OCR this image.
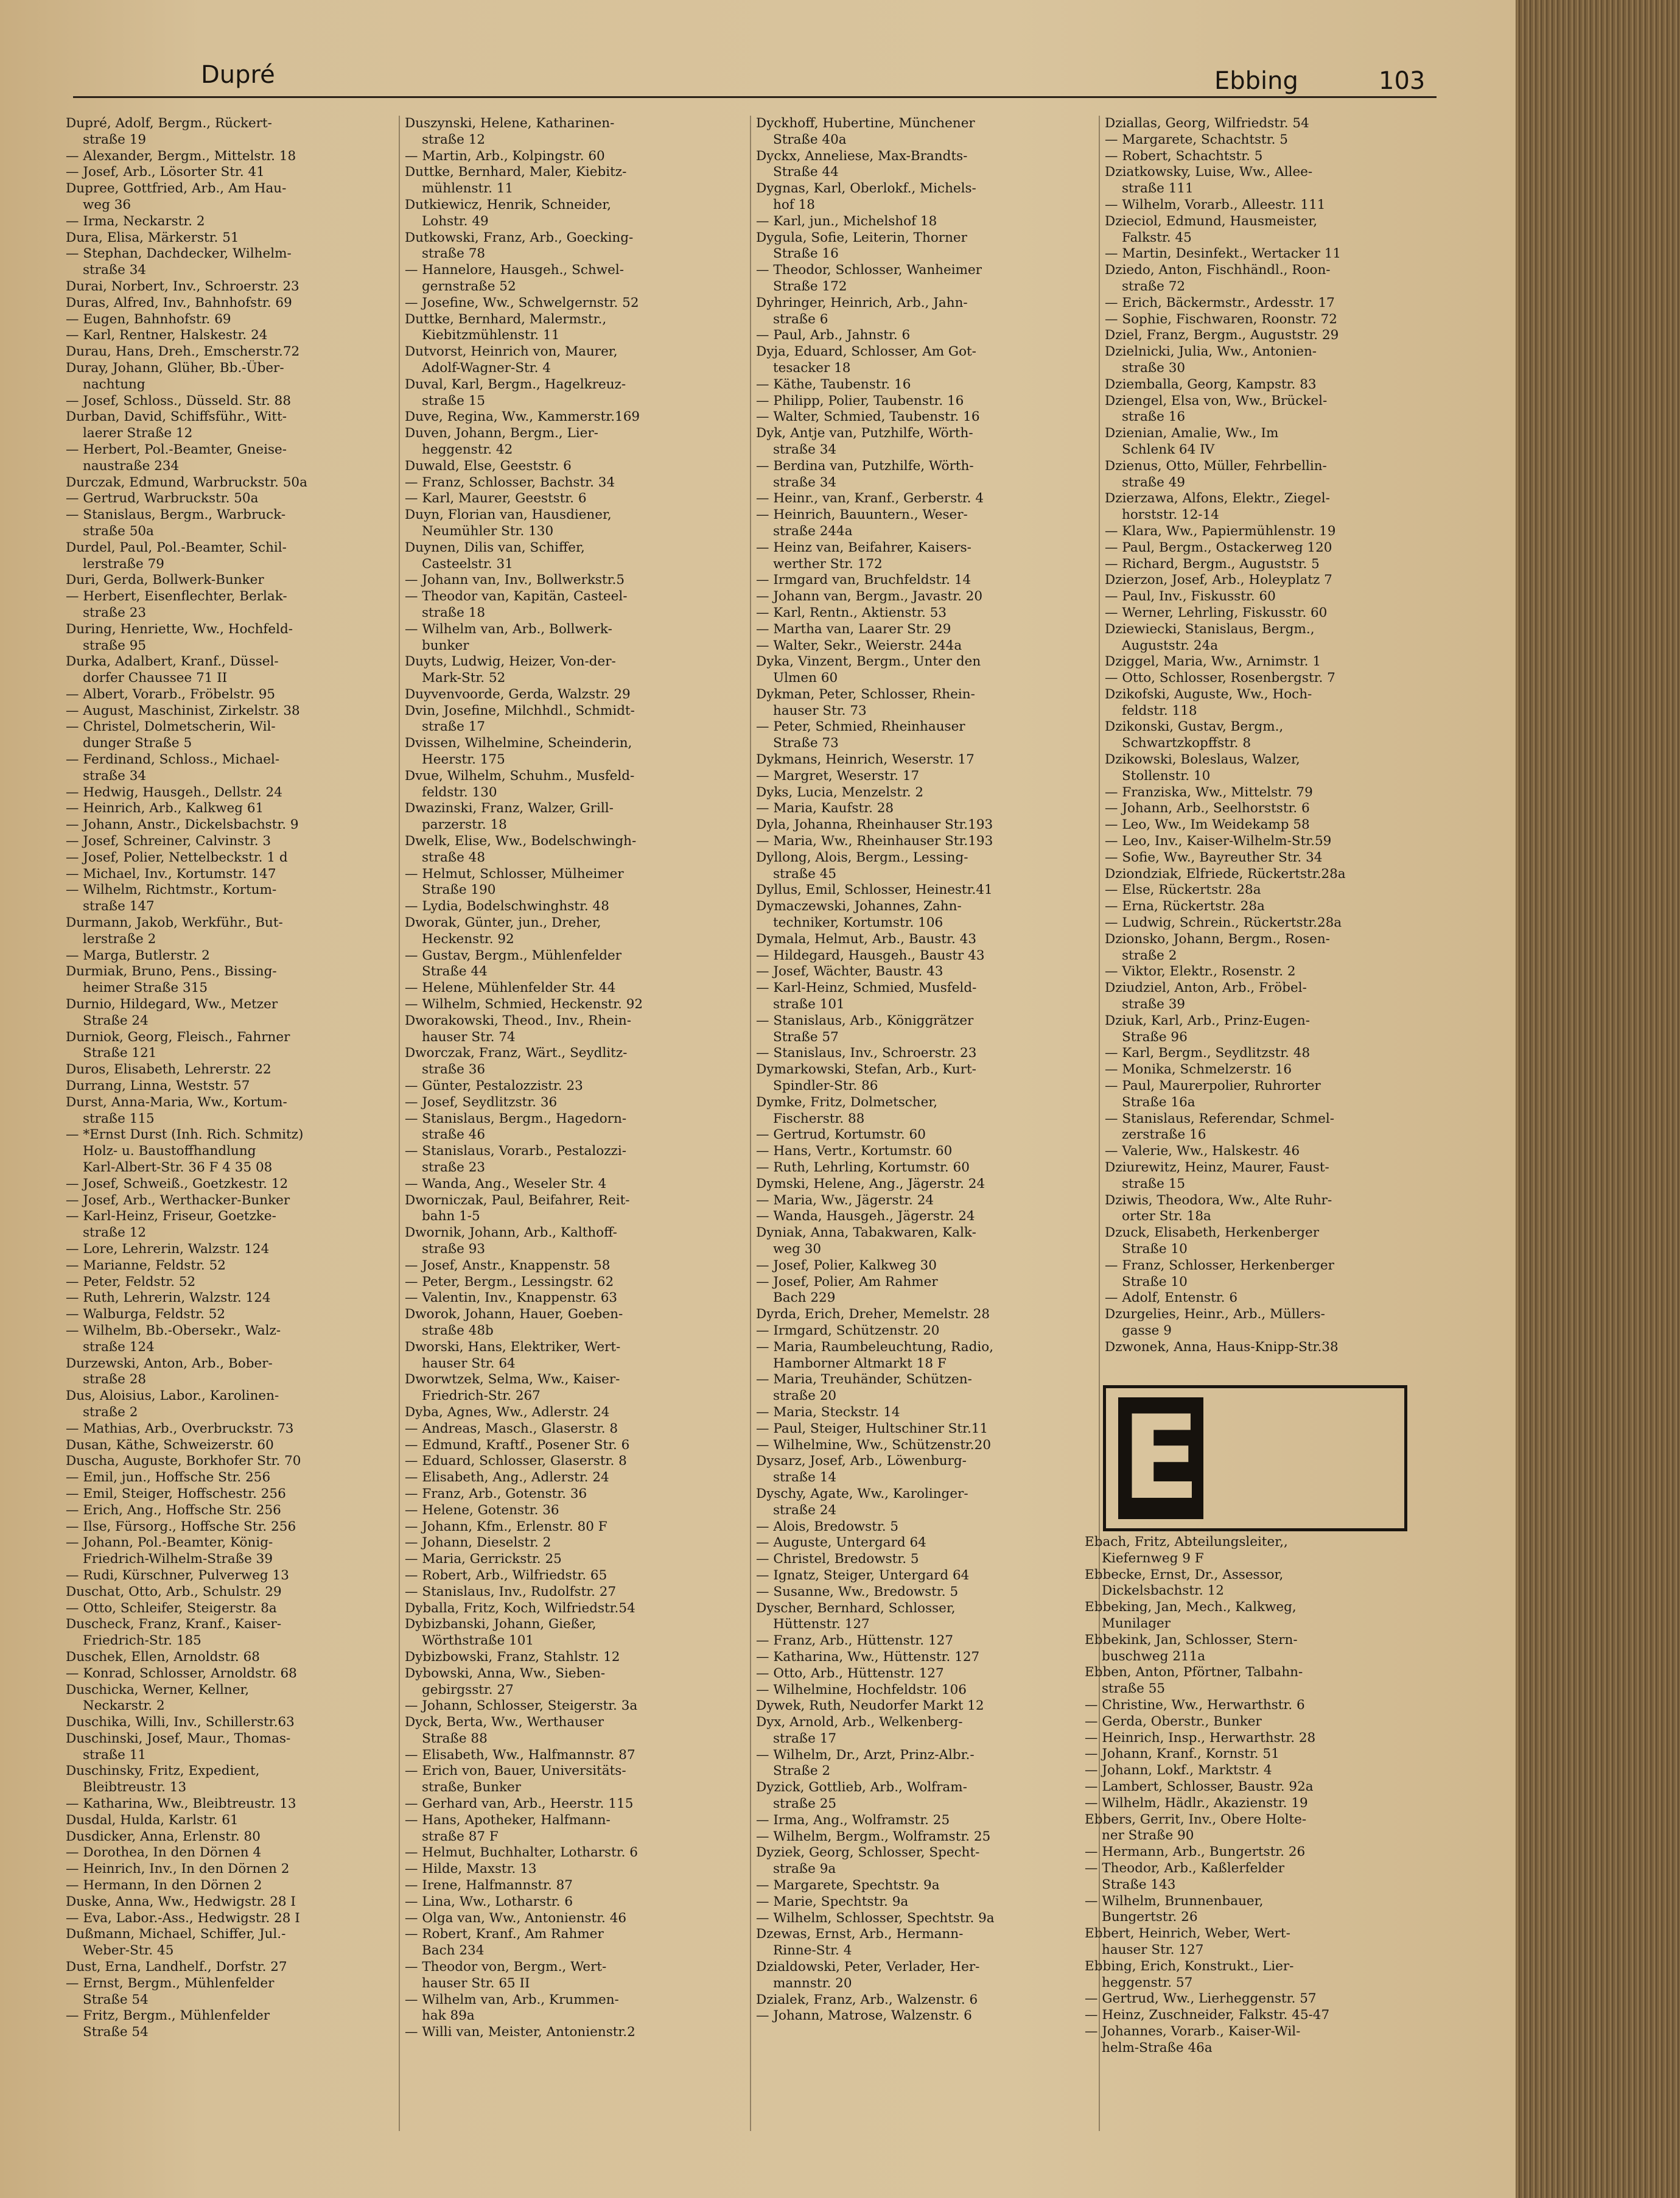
Dupré	Ebbing	103
Dupré, Adolf, Bergm., Rückert-
straße 19
— Alexander, Bergm., Mittelstr. 18
— Josef, Arb., Lösorter Str. 41
Dupree, Gottfried, Arb., Am Hau-
weg 36
— Irma, Neckarstr. 2
Dura, Elisa, Märkerstr. 51
— Stephan, Dachdecker, Wilhelm-
straße 34
Durai, Norbert, Inv., Schroerstr. 23
Duras, Alfred, Inv., Bahnhofstr. 69
— Eugen, Bahnhofstr. 69
— Karl, Rentner, Halskestr. 24
Durau, Hans, Dreh., Emscherstr.72
Duray, Johann, Glüher, Bb.-Über-
nachtung
— Josef, Schloss., Düsseld. Str. 88
Durban, David, Schiffsführ., Witt-
laerer Straße 12
— Herbert, Pol.-Beamter, Gneise-
naustraße 234
Durczak, Edmund, Warbruckstr. 50a
— Gertrud, Warbruckstr. 50a
— Stanislaus, Bergm., Warbruck-
straße 50a
Durdel, Paul, Pol.-Beamter, Schil-
lerstraße 79
Duri, Gerda, Bollwerk-Bunker
— Herbert, Eisenflechter, Berlak-
straße 23
During, Henriette, Ww., Hochfeld-
straße 95
Durka, Adalbert, Kranf., Düssel-
dorfer Chaussee 71 II
— Albert, Vorarb., Fröbelstr. 95
— August, Maschinist, Zirkelstr. 38
— Christel, Dolmetscherin, Wil-
dunger Straße 5
— Ferdinand, Schloss., Michael-
straße 34
— Hedwig, Hausgeh., Dellstr. 24
— Heinrich, Arb., Kalkweg 61
— Johann, Anstr., Dickelsbachstr. 9
— Josef, Schreiner, Calvinstr. 3
— Josef, Polier, Nettelbeckstr. 1 d
— Michael, Inv., Kortumstr. 147
— Wilhelm, Richtmstr., Kortum-
straße 147
Durmann, Jakob, Werkführ., But-
lerstraße 2
— Marga, Butlerstr. 2
Durmiak, Bruno, Pens., Bissing-
heimer Straße 315
Durnio, Hildegard, Ww., Metzer
Straße 24
Durniok, Georg, Fleisch., Fahrner
Straße 121
Duros, Elisabeth, Lehrerstr. 22
Durrang, Linna, Weststr. 57
Durst, Anna-Maria, Ww., Kortum-
straße 115
— *Ernst Durst (Inh. Rich. Schmitz)
Holz- u. Baustoffhandlung
Karl-Albert-Str. 36 F 4 35 08
— Josef, Schweiß., Goetzkestr. 12
— Josef, Arb., Werthacker-Bunker
— Karl-Heinz, Friseur, Goetzke-
straße 12
— Lore, Lehrerin, Walzstr. 124
— Marianne, Feldstr. 52
— Peter, Feldstr. 52
— Ruth, Lehrerin, Walzstr. 124
— Walburga, Feldstr. 52
— Wilhelm, Bb.-Obersekr., Walz-
straße 124
Durzewski, Anton, Arb., Bober-
straße 28
Dus, Aloisius, Labor., Karolinen-
straße 2
— Mathias, Arb., Overbruckstr. 73
Dusan, Käthe, Schweizerstr. 60
Duscha, Auguste, Borkhofer Str. 70
— Emil, jun., Hoffsche Str. 256
— Emil, Steiger, Hoffschestr. 256
— Erich, Ang., Hoffsche Str. 256
— Ilse, Fürsorg., Hoffsche Str. 256
— Johann, Pol.-Beamter, König-
Friedrich-Wilhelm-Straße 39
— Rudi, Kürschner, Pulverweg 13
Duschat, Otto, Arb., Schulstr. 29
— Otto, Schleifer, Steigerstr. 8a
Duscheck, Franz, Kranf., Kaiser-
Friedrich-Str. 185
Duschek, Ellen, Arnoldstr. 68
— Konrad, Schlosser, Arnoldstr. 68
Duschicka, Werner, Kellner,
Neckarstr. 2
Duschika, Willi, Inv., Schillerstr.63
Duschinski, Josef, Maur., Thomas-
straße 11
Duschinsky, Fritz, Expedient,
Bleibtreustr. 13
— Katharina, Ww., Bleibtreustr. 13
Dusdal, Hulda, Karlstr. 61
Dusdicker, Anna, Erlenstr. 80
— Dorothea, In den Dörnen 4
— Heinrich, Inv., In den Dörnen 2
— Hermann, In den Dörnen 2
Duske, Anna, Ww., Hedwigstr. 28 I
— Eva, Labor.-Ass., Hedwigstr. 28 I
Dußmann, Michael, Schiffer, Jul.-
Weber-Str. 45
Dust, Erna, Landhelf., Dorfstr. 27
— Ernst, Bergm., Mühlenfelder
Straße 54
— Fritz, Bergm., Mühlenfelder
Straße 54
Duszynski, Helene, Katharinen-
straße 12
— Martin, Arb., Kolpingstr. 60
Duttke, Bernhard, Maler, Kiebitz-
mühlenstr. 11
Dutkiewicz, Henrik, Schneider,
Lohstr. 49
Dutkowski, Franz, Arb., Goecking-
straße 78
— Hannelore, Hausgeh., Schwel-
gernstraße 52
— Josefine, Ww., Schwelgernstr. 52
Duttke, Bernhard, Malermstr.,
Kiebitzmühlenstr. 11
Dutvorst, Heinrich von, Maurer,
Adolf-Wagner-Str. 4
Duval, Karl, Bergm., Hagelkreuz-
straße 15
Duve, Regina, Ww., Kammerstr.169
Duven, Johann, Bergm., Lier-
heggenstr. 42
Duwald, Else, Geeststr. 6
— Franz, Schlosser, Bachstr. 34
— Karl, Maurer, Geeststr. 6
Duyn, Florian van, Hausdiener,
Neumühler Str. 130
Duynen, Dilis van, Schiffer,
Casteelstr. 31
— Johann van, Inv., Bollwerkstr.5
— Theodor van, Kapitän, Casteel-
straße 18
— Wilhelm van, Arb., Bollwerk-
bunker
Duyts, Ludwig, Heizer, Von-der-
Mark-Str. 52
Duyvenvoorde, Gerda, Walzstr. 29
Dvin, Josefine, Milchhdl., Schmidt-
straße 17
Dvissen, Wilhelmine, Scheinderin,
Heerstr. 175
Dvue, Wilhelm, Schuhm., Musfeld-
feldstr. 130
Dwazinski, Franz, Walzer, Grill-
parzerstr. 18
Dwelk, Elise, Ww., Bodelschwingh-
straße 48
— Helmut, Schlosser, Mülheimer
Straße 190
— Lydia, Bodelschwinghstr. 48
Dworak, Günter, jun., Dreher,
Heckenstr. 92
— Gustav, Bergm., Mühlenfelder
Straße 44
— Helene, Mühlenfelder Str. 44
— Wilhelm, Schmied, Heckenstr. 92
Dworakowski, Theod., Inv., Rhein-
hauser Str. 74
Dworczak, Franz, Wärt., Seydlitz-
straße 36
— Günter, Pestalozzistr. 23
— Josef, Seydlitzstr. 36
— Stanislaus, Bergm., Hagedorn-
straße 46
— Stanislaus, Vorarb., Pestalozzi-
straße 23
— Wanda, Ang., Weseler Str. 4
Dworniczak, Paul, Beifahrer, Reit-
bahn 1-5
Dwornik, Johann, Arb., Kalthoff-
straße 93
— Josef, Anstr., Knappenstr. 58
— Peter, Bergm., Lessingstr. 62
— Valentin, Inv., Knappenstr. 63
Dworok, Johann, Hauer, Goeben-
straße 48b
Dworski, Hans, Elektriker, Wert-
hauser Str. 64
Dworwtzek, Selma, Ww., Kaiser-
Friedrich-Str. 267
Dyba, Agnes, Ww., Adlerstr. 24
— Andreas, Masch., Glaserstr. 8
— Edmund, Kraftf., Posener Str. 6
— Eduard, Schlosser, Glaserstr. 8
— Elisabeth, Ang., Adlerstr. 24
— Franz, Arb., Gotenstr. 36
— Helene, Gotenstr. 36
— Johann, Kfm., Erlenstr. 80 F
— Johann, Dieselstr. 2
— Maria, Gerrickstr. 25
— Robert, Arb., Wilfriedstr. 65
— Stanislaus, Inv., Rudolfstr. 27
Dyballa, Fritz, Koch, Wilfriedstr.54
Dybizbanski, Johann, Gießer,
Wörthstraße 101
Dybizbowski, Franz, Stahlstr. 12
Dybowski, Anna, Ww., Sieben-
gebirgsstr. 27
— Johann, Schlosser, Steigerstr. 3a
Dyck, Berta, Ww., Werthauser
Straße 88
— Elisabeth, Ww., Halfmannstr. 87
— Erich von, Bauer, Universitäts-
straße, Bunker
— Gerhard van, Arb., Heerstr. 115
— Hans, Apotheker, Halfmann-
straße 87 F
— Helmut, Buchhalter, Lotharstr. 6
— Hilde, Maxstr. 13
— Irene, Halfmannstr. 87
— Lina, Ww., Lotharstr. 6
— Olga van, Ww., Antonienstr. 46
— Robert, Kranf., Am Rahmer
Bach 234
— Theodor von, Bergm., Wert-
hauser Str. 65 II
— Wilhelm van, Arb., Krummen-
hak 89a
— Willi van, Meister, Antonienstr.2
Dyckhoff, Hubertine, Münchener
Straße 40a
Dyckx, Anneliese, Max-Brandts-
Straße 44
Dygnas, Karl, Oberlokf., Michels-
hof 18
— Karl, jun., Michelshof 18
Dygula, Sofie, Leiterin, Thorner
Straße 16
— Theodor, Schlosser, Wanheimer
Straße 172
Dyhringer, Heinrich, Arb., Jahn-
straße 6
— Paul, Arb., Jahnstr. 6
Dyja, Eduard, Schlosser, Am Got-
tesacker 18
— Käthe, Taubenstr. 16
— Philipp, Polier, Taubenstr. 16
— Walter, Schmied, Taubenstr. 16
Dyk, Antje van, Putzhilfe, Wörth-
straße 34
— Berdina van, Putzhilfe, Wörth-
straße 34
— Heinr., van, Kranf., Gerberstr. 4
— Heinrich, Bauuntern., Weser-
straße 244a
— Heinz van, Beifahrer, Kaisers-
werther Str. 172
— Irmgard van, Bruchfeldstr. 14
— Johann van, Bergm., Javastr. 20
— Karl, Rentn., Aktienstr. 53
— Martha van, Laarer Str. 29
— Walter, Sekr., Weierstr. 244a
Dyka, Vinzent, Bergm., Unter den
Ulmen 60
Dykman, Peter, Schlosser, Rhein-
hauser Str. 73
— Peter, Schmied, Rheinhauser
Straße 73
Dykmans, Heinrich, Weserstr. 17
— Margret, Weserstr. 17
Dyks, Lucia, Menzelstr. 2
— Maria, Kaufstr. 28
Dyla, Johanna, Rheinhauser Str.193
— Maria, Ww., Rheinhauser Str.193
Dyllong, Alois, Bergm., Lessing-
straße 45
Dyllus, Emil, Schlosser, Heinestr.41
Dymaczewski, Johannes, Zahn-
techniker, Kortumstr. 106
Dymala, Helmut, Arb., Baustr. 43
— Hildegard, Hausgeh., Baustr 43
— Josef, Wächter, Baustr. 43
— Karl-Heinz, Schmied, Musfeld-
straße 101
— Stanislaus, Arb., Königgrätzer
Straße 57
— Stanislaus, Inv., Schroerstr. 23
Dymarkowski, Stefan, Arb., Kurt-
Spindler-Str. 86
Dymke, Fritz, Dolmetscher,
Fischerstr. 88
— Gertrud, Kortumstr. 60
— Hans, Vertr., Kortumstr. 60
— Ruth, Lehrling, Kortumstr. 60
Dymski, Helene, Ang., Jägerstr. 24
— Maria, Ww., Jägerstr. 24
— Wanda, Hausgeh., Jägerstr. 24
Dyniak, Anna, Tabakwaren, Kalk-
weg 30
— Josef, Polier, Kalkweg 30
— Josef, Polier, Am Rahmer
Bach 229
Dyrda, Erich, Dreher, Memelstr. 28
— Irmgard, Schützenstr. 20
— Maria, Raumbeleuchtung, Radio,
Hamborner Altmarkt 18 F
— Maria, Treuhänder, Schützen-
straße 20
— Maria, Steckstr. 14
— Paul, Steiger, Hultschiner Str.11
— Wilhelmine, Ww., Schützenstr.20
Dysarz, Josef, Arb., Löwenburg-
straße 14
Dyschy, Agate, Ww., Karolinger-
straße 24
— Alois, Bredowstr. 5
— Auguste, Untergard 64
— Christel, Bredowstr. 5
— Ignatz, Steiger, Untergard 64
— Susanne, Ww., Bredowstr. 5
Dyscher, Bernhard, Schlosser,
Hüttenstr. 127
— Franz, Arb., Hüttenstr. 127
— Katharina, Ww., Hüttenstr. 127
— Otto, Arb., Hüttenstr. 127
— Wilhelmine, Hochfeldstr. 106
Dywek, Ruth, Neudorfer Markt 12
Dyx, Arnold, Arb., Welkenberg-
straße 17
— Wilhelm, Dr., Arzt, Prinz-Albr.-
Straße 2
Dyzick, Gottlieb, Arb., Wolfram-
straße 25
— Irma, Ang., Wolframstr. 25
— Wilhelm, Bergm., Wolframstr. 25
Dyziek, Georg, Schlosser, Specht-
straße 9a
— Margarete, Spechtstr. 9a
— Marie, Spechtstr. 9a
— Wilhelm, Schlosser, Spechtstr. 9a
Dzewas, Ernst, Arb., Hermann-
Rinne-Str. 4
Dzialdowski, Peter, Verlader, Her-
mannstr. 20
Dzialek, Franz, Arb., Walzenstr. 6
— Johann, Matrose, Walzenstr. 6
Dziallas, Georg, Wilfriedstr. 54
— Margarete, Schachtstr. 5
— Robert, Schachtstr. 5
Dziatkowsky, Luise, Ww., Allee-
straße 111
— Wilhelm, Vorarb., Alleestr. 111
Dzieciol, Edmund, Hausmeister,
Falkstr. 45
— Martin, Desinfekt., Wertacker 11
Dziedo, Anton, Fischhändl., Roon-
straße 72
— Erich, Bäckermstr., Ardesstr. 17
— Sophie, Fischwaren, Roonstr. 72
Dziel, Franz, Bergm., Auguststr. 29
Dzielnicki, Julia, Ww., Antonien-
straße 30
Dziemballa, Georg, Kampstr. 83
Dziengel, Elsa von, Ww., Brückel-
straße 16
Dzienian, Amalie, Ww., Im
Schlenk 64 IV
Dzienus, Otto, Müller, Fehrbellin-
straße 49
Dzierzawa, Alfons, Elektr., Ziegel-
horststr. 12-14
— Klara, Ww., Papiermühlenstr. 19
— Paul, Bergm., Ostackerweg 120
— Richard, Bergm., Auguststr. 5
Dzierzon, Josef, Arb., Holeyplatz 7
— Paul, Inv., Fiskusstr. 60
— Werner, Lehrling, Fiskusstr. 60
Dziewiecki, Stanislaus, Bergm.,
Auguststr. 24a
Dziggel, Maria, Ww., Arnimstr. 1
— Otto, Schlosser, Rosenbergstr. 7
Dzikofski, Auguste, Ww., Hoch-
feldstr. 118
Dzikonski, Gustav, Bergm.,
Schwartzkopffstr. 8
Dzikowski, Boleslaus, Walzer,
Stollenstr. 10
— Franziska, Ww., Mittelstr. 79
— Johann, Arb., Seelhorststr. 6
— Leo, Ww., Im Weidekamp 58
— Leo, Inv., Kaiser-Wilhelm-Str.59
— Sofie, Ww., Bayreuther Str. 34
Dziondziak, Elfriede, Rückertstr.28a
— Else, Rückertstr. 28a
— Erna, Rückertstr. 28a
— Ludwig, Schrein., Rückertstr.28a
Dzionsko, Johann, Bergm., Rosen-
straße 2
— Viktor, Elektr., Rosenstr. 2
Dziudziel, Anton, Arb., Fröbel-
straße 39
Dziuk, Karl, Arb., Prinz-Eugen-
Straße 96
— Karl, Bergm., Seydlitzstr. 48
— Monika, Schmelzerstr. 16
— Paul, Maurerpolier, Ruhrorter
Straße 16a
— Stanislaus, Referendar, Schmel-
zerstraße 16
— Valerie, Ww., Halskestr. 46
Dziurewitz, Heinz, Maurer, Faust-
straße 15
Dziwis, Theodora, Ww., Alte Ruhr-
orter Str. 18a
Dzuck, Elisabeth, Herkenberger
Straße 10
— Franz, Schlosser, Herkenberger
Straße 10
— Adolf, Entenstr. 6
Dzurgelies, Heinr., Arb., Müllers-
gasse 9
Dzwonek, Anna, Haus-Knipp-Str.38
E
Ebach, Fritz, Abteilungsleiter,,
Kiefernweg 9 F
Ebbecke, Ernst, Dr., Assessor,
Dickelsbachstr. 12
Ebbeking, Jan, Mech., Kalkweg,
Munilager
Ebbekink, Jan, Schlosser, Stern-
buschweg 211a
Ebben, Anton, Pförtner, Talbahn-
straße 55
— Christine, Ww., Herwarthstr. 6
— Gerda, Oberstr., Bunker
— Heinrich, Insp., Herwarthstr. 28
— Johann, Kranf., Kornstr. 51
— Johann, Lokf., Marktstr. 4
— Lambert, Schlosser, Baustr. 92a
— Wilhelm, Hädlr., Akazienstr. 19
Ebbers, Gerrit, Inv., Obere Holte-
ner Straße 90
— Hermann, Arb., Bungertstr. 26
— Theodor, Arb., Kaßlerfelder
Straße 143
— Wilhelm, Brunnenbauer,
Bungertstr. 26
Ebbert, Heinrich, Weber, Wert-
hauser Str. 127
Ebbing, Erich, Konstrukt., Lier-
heggenstr. 57
— Gertrud, Ww., Lierheggenstr. 57
— Heinz, Zuschneider, Falkstr. 45-47
— Johannes, Vorarb., Kaiser-Wil-
helm-Straße 46a
